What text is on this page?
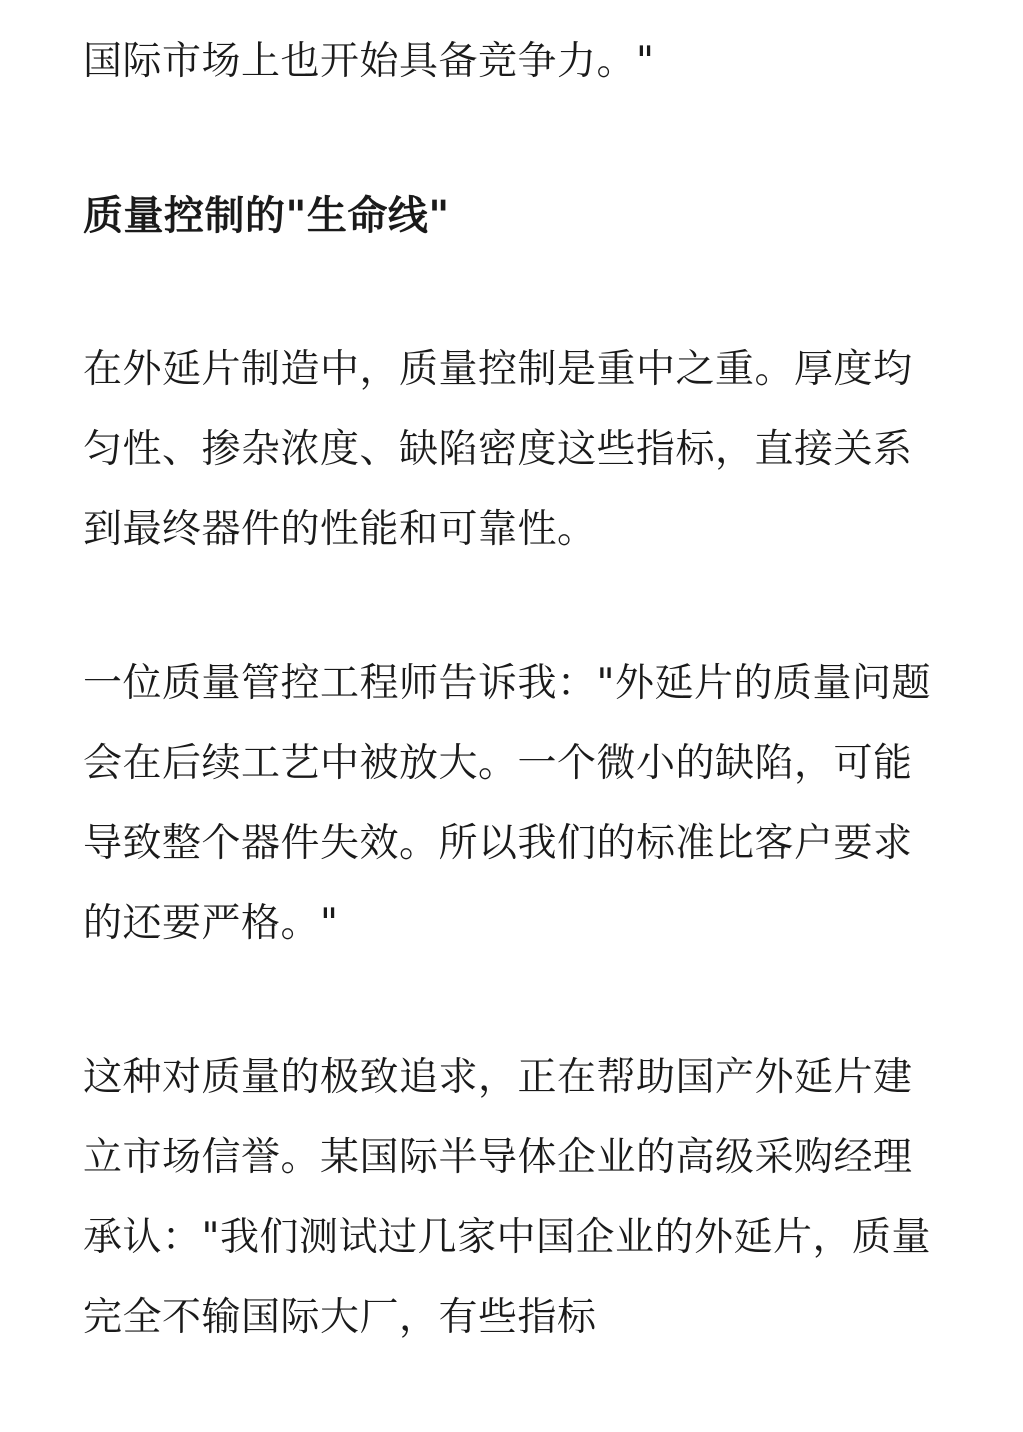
国际市场上也开始具备竞争力。"

质量控制的"生命线"

在外延片制造中，质量控制是重中之重。厚度均匀性、掺杂浓度、缺陷密度这些指标，直接关系到最终器件的性能和可靠性。

一位质量管控工程师告诉我："外延片的质量问题会在后续工艺中被放大。一个微小的缺陷，可能导致整个器件失效。所以我们的标准比客户要求的还要严格。"

这种对质量的极致追求，正在帮助国产外延片建立市场信誉。某国际半导体企业的高级采购经理承认："我们测试过几家中国企业的外延片，质量完全不输国际大厂，有些指标
